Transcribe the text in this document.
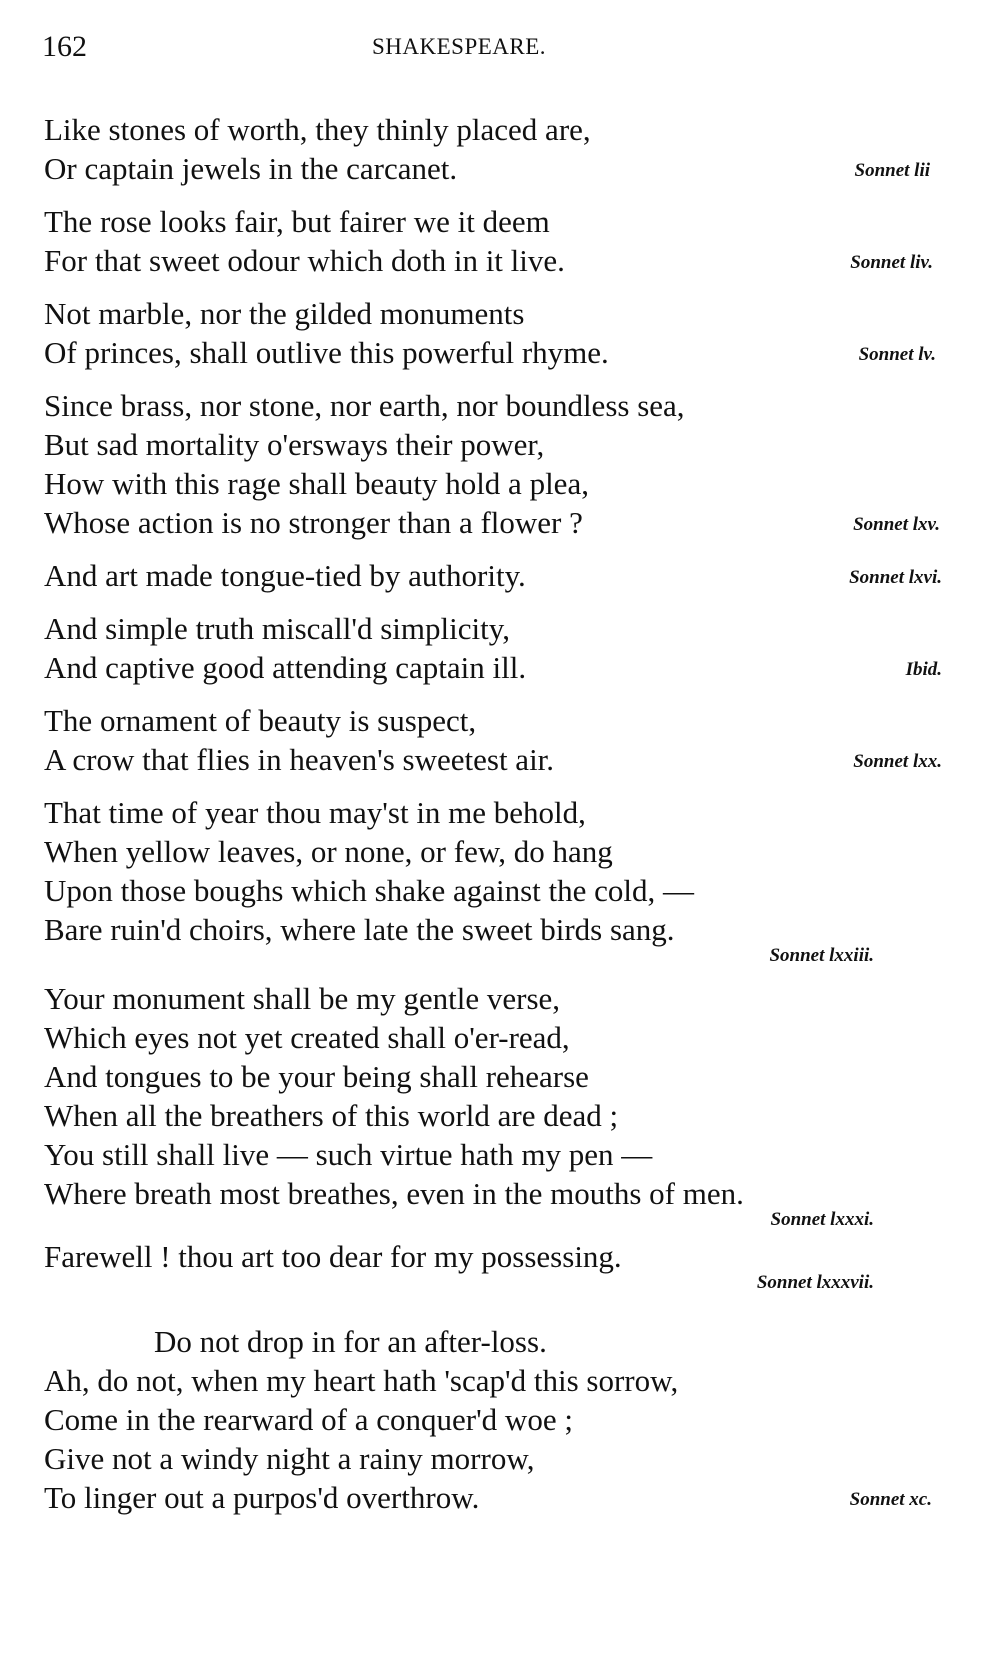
162	SHAKESPEARE.
Like stones of worth, they thinly placed are,
Or captain jewels in the carcanet.	Sonnet lii
The rose looks fair, but fairer we it deem
For that sweet odour which doth in it live.	Sonnet liv.
Not marble, nor the gilded monuments
Of princes, shall outlive this powerful rhyme.	Sonnet lv.
Since brass, nor stone, nor earth, nor boundless sea,
But sad mortality o'ersways their power,
How with this rage shall beauty hold a plea,
Whose action is no stronger than a flower ?	Sonnet lxv.
And art made tongue-tied by authority.	Sonnet lxvi.
And simple truth miscall'd simplicity,
And captive good attending captain ill.	Ibid.
The ornament of beauty is suspect,
A crow that flies in heaven's sweetest air.	Sonnet lxx.
That time of year thou may'st in me behold,
When yellow leaves, or none, or few, do hang
Upon those boughs which shake against the cold, —
Bare ruin'd choirs, where late the sweet birds sang.
Sonnet lxxiii.
Your monument shall be my gentle verse,
Which eyes not yet created shall o'er-read,
And tongues to be your being shall rehearse
When all the breathers of this world are dead ;
You still shall live — such virtue hath my pen —
Where breath most breathes, even in the mouths of men.
Sonnet lxxxi.
Farewell ! thou art too dear for my possessing.
Sonnet lxxxvii.
Do not drop in for an after-loss.
Ah, do not, when my heart hath 'scap'd this sorrow,
Come in the rearward of a conquer'd woe ;
Give not a windy night a rainy morrow,
To linger out a purpos'd overthrow.	Sonnet xc.
